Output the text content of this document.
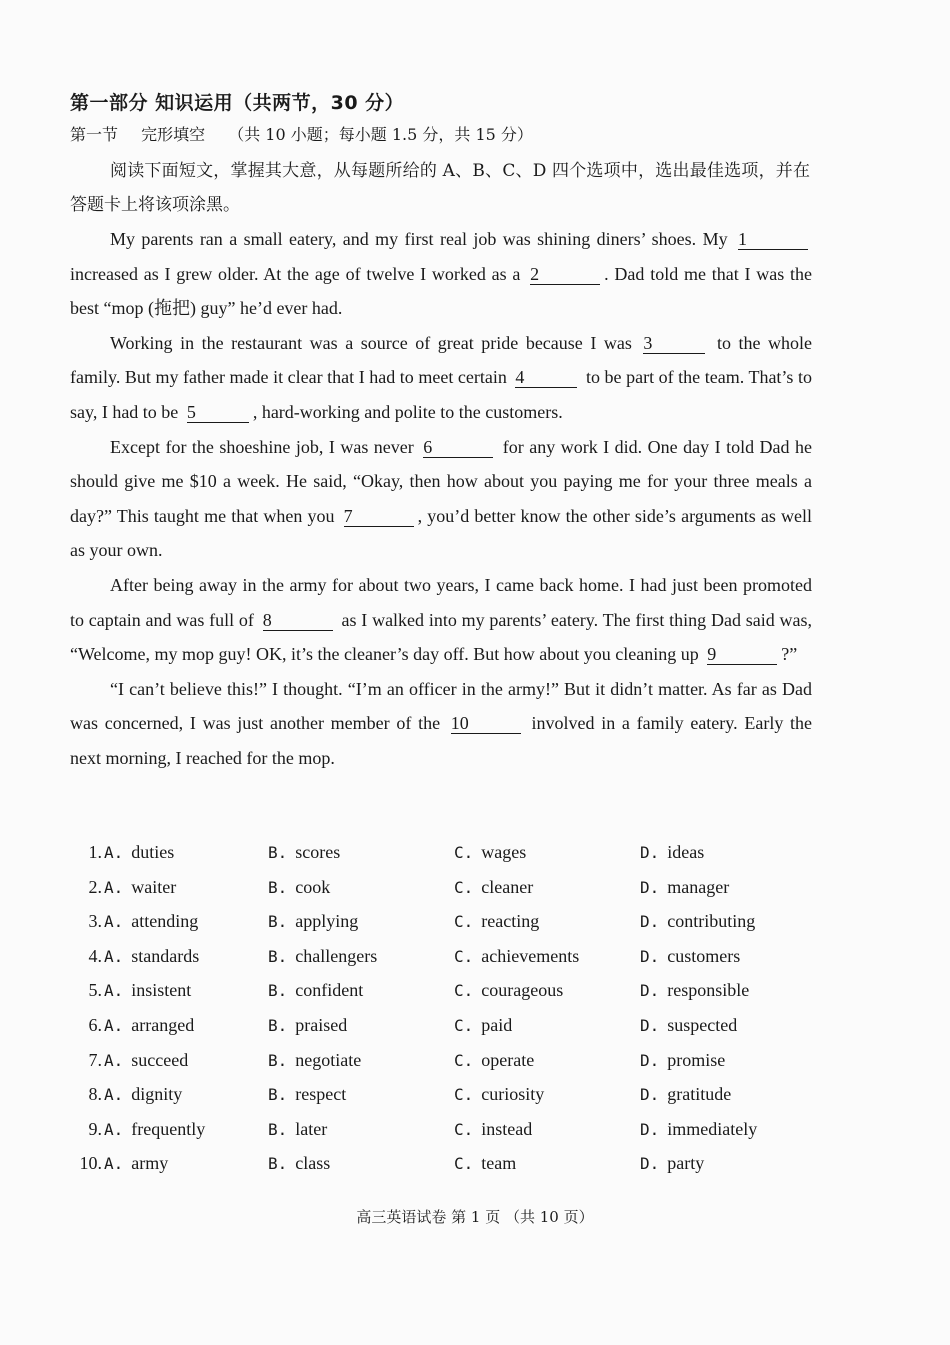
第一部分 知识运用（共两节，30 分）
第一节 完形填空 （共 10 小题；每小题 1.5 分，共 15 分）
阅读下面短文，掌握其大意，从每题所给的 A、B、C、D 四个选项中，选出最佳选项，并在答题卡上将该项涂黑。

My parents ran a small eatery, and my first real job was shining diners’ shoes. My 1 increased as I grew older. At the age of twelve I worked as a 2	. Dad told me that I was the best “mop (拖把) guy” he’d ever had.

Working in the restaurant was a source of great pride because I was 3	to the whole family. But my father made it clear that I had to meet certain 4	to be part of the team. That’s to say, I had to be 5	, hard-working and polite to the customers.

Except for the shoeshine job, I was never 6	for any work I did. One day I told Dad he should give me $10 a week. He said, “Okay, then how about you paying me for your three meals a day?” This taught me that when you 7	, you’d better know the other side’s arguments as well as your own.

After being away in the army for about two years, I came back home. I had just been promoted to captain and was full of 8	as I walked into my parents’ eatery. The first thing Dad said was, “Welcome, my mop guy! OK, it’s the cleaner’s day off. But how about you cleaning up 9	?”

“I can’t believe this!” I thought. “I’m an officer in the army!” But it didn’t matter. As far as Dad was concerned, I was just another member of the 10	involved in a family eatery. Early the next morning, I reached for the mop.

1. A. duties	B. scores	C. wages	D. ideas
2. A. waiter	B. cook	C. cleaner	D. manager
3. A. attending	B. applying	C. reacting	D. contributing
4. A. standards	B. challengers	C. achievements	D. customers
5. A. insistent	B. confident	C. courageous	D. responsible
6. A. arranged	B. praised	C. paid	D. suspected
7. A. succeed	B. negotiate	C. operate	D. promise
8. A. dignity	B. respect	C. curiosity	D. gratitude
9. A. frequently	B. later	C. instead	D. immediately
10. A. army	B. class	C. team	D. party
高三英语试卷 第 1 页 （共 10 页）
